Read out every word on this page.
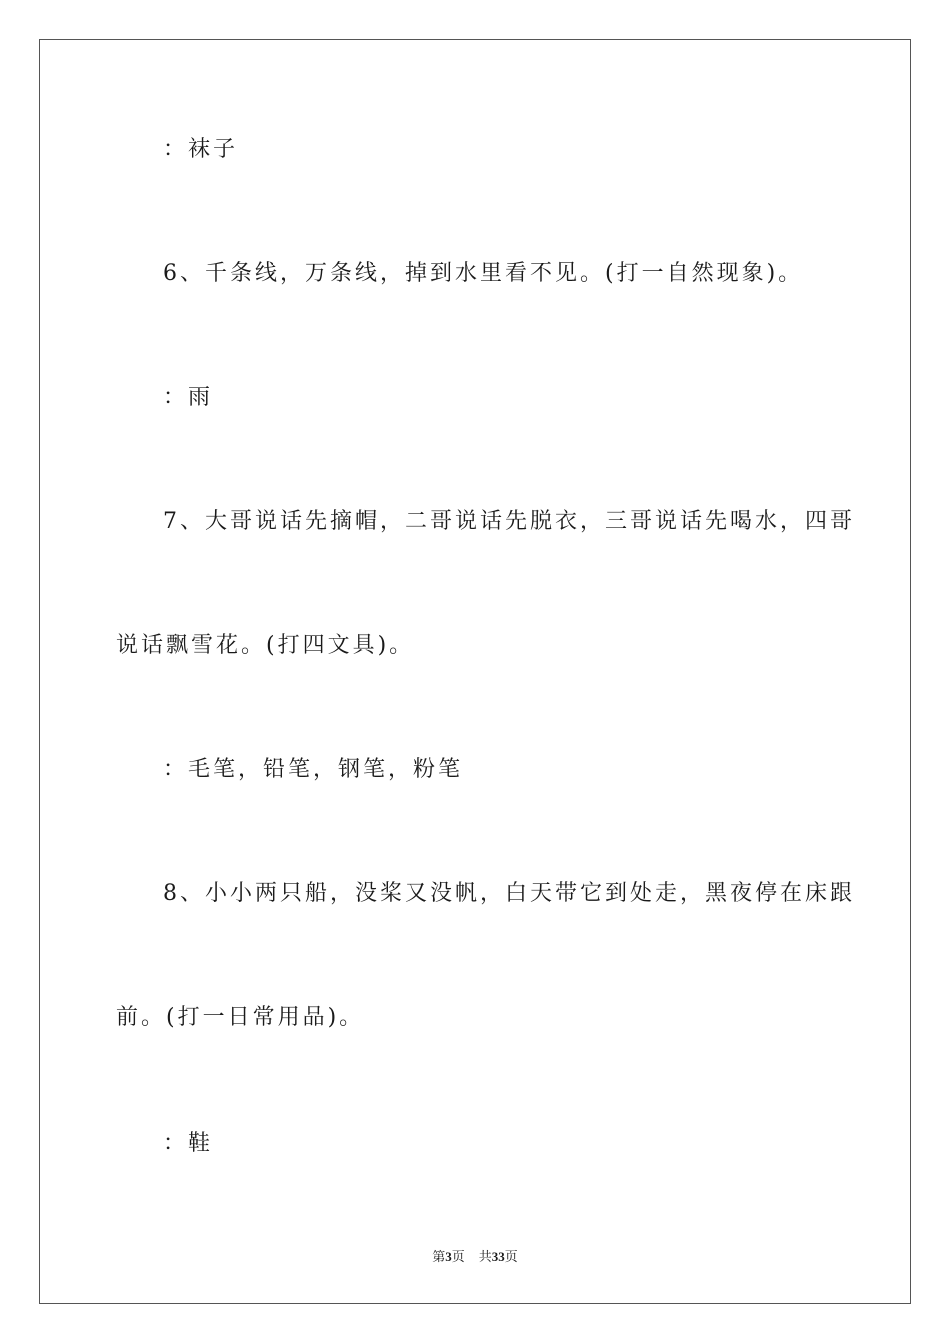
：袜子
6、千条线，万条线，掉到水里看不见。(打一自然现象)。
：雨
7、大哥说话先摘帽，二哥说话先脱衣，三哥说话先喝水，四哥
说话飘雪花。(打四文具)。
：毛笔，铅笔，钢笔，粉笔
8、小小两只船，没桨又没帆，白天带它到处走，黑夜停在床跟
前。(打一日常用品)。
：鞋
第3页 共33页
